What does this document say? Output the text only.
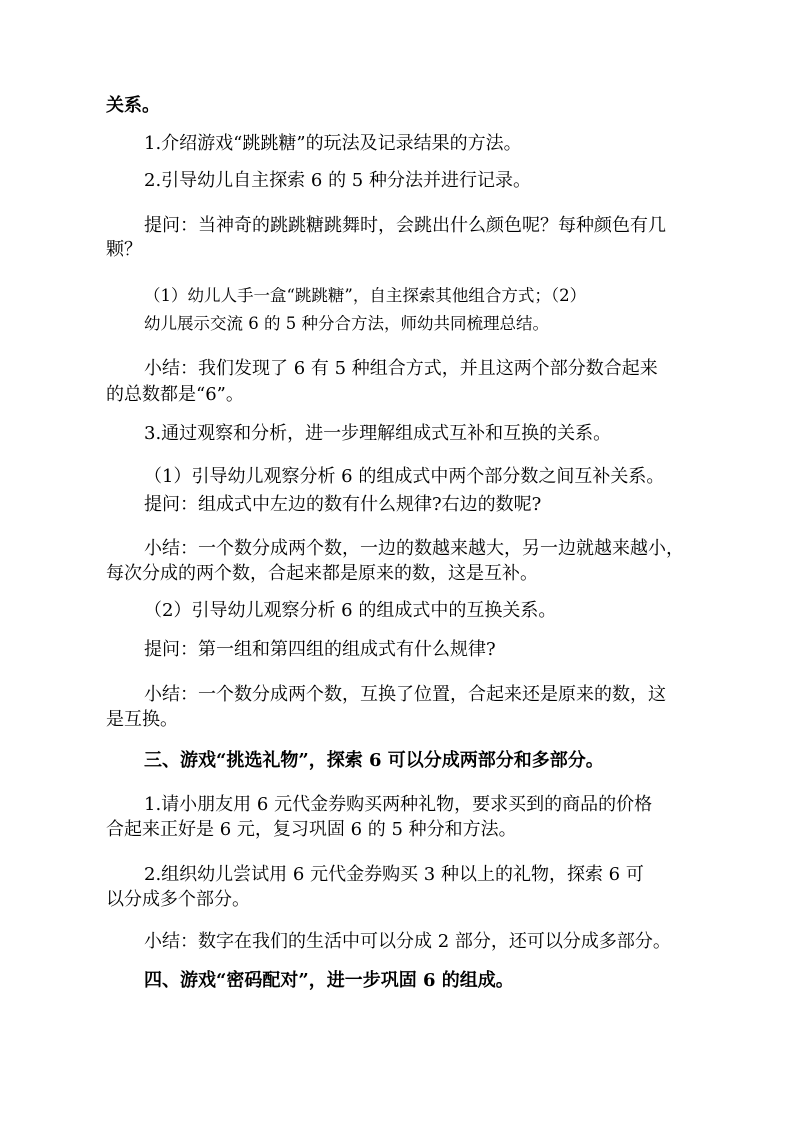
关系。
1.介绍游戏“跳跳糖”的玩法及记录结果的方法。
2.引导幼儿自主探索 6 的 5 种分法并进行记录。
提问：当神奇的跳跳糖跳舞时，会跳出什么颜色呢？每种颜色有几
颗？
（1）幼儿人手一盒“跳跳糖”，自主探索其他组合方式；（2）
幼儿展示交流 6 的 5 种分合方法，师幼共同梳理总结。
小结：我们发现了 6 有 5 种组合方式，并且这两个部分数合起来
的总数都是“6”。
3.通过观察和分析，进一步理解组成式互补和互换的关系。
（1）引导幼儿观察分析 6 的组成式中两个部分数之间互补关系。
提问：组成式中左边的数有什么规律?右边的数呢?
小结：一个数分成两个数，一边的数越来越大，另一边就越来越小，
每次分成的两个数，合起来都是原来的数，这是互补。
（2）引导幼儿观察分析 6 的组成式中的互换关系。
提问：第一组和第四组的组成式有什么规律?
小结：一个数分成两个数，互换了位置，合起来还是原来的数，这
是互换。
三、游戏“挑选礼物”，探索 6 可以分成两部分和多部分。
1.请小朋友用 6 元代金券购买两种礼物，要求买到的商品的价格
合起来正好是 6 元，复习巩固 6 的 5 种分和方法。
2.组织幼儿尝试用 6 元代金券购买 3 种以上的礼物，探索 6 可
以分成多个部分。
小结：数字在我们的生活中可以分成 2 部分，还可以分成多部分。
四、游戏“密码配对”，进一步巩固 6 的组成。
